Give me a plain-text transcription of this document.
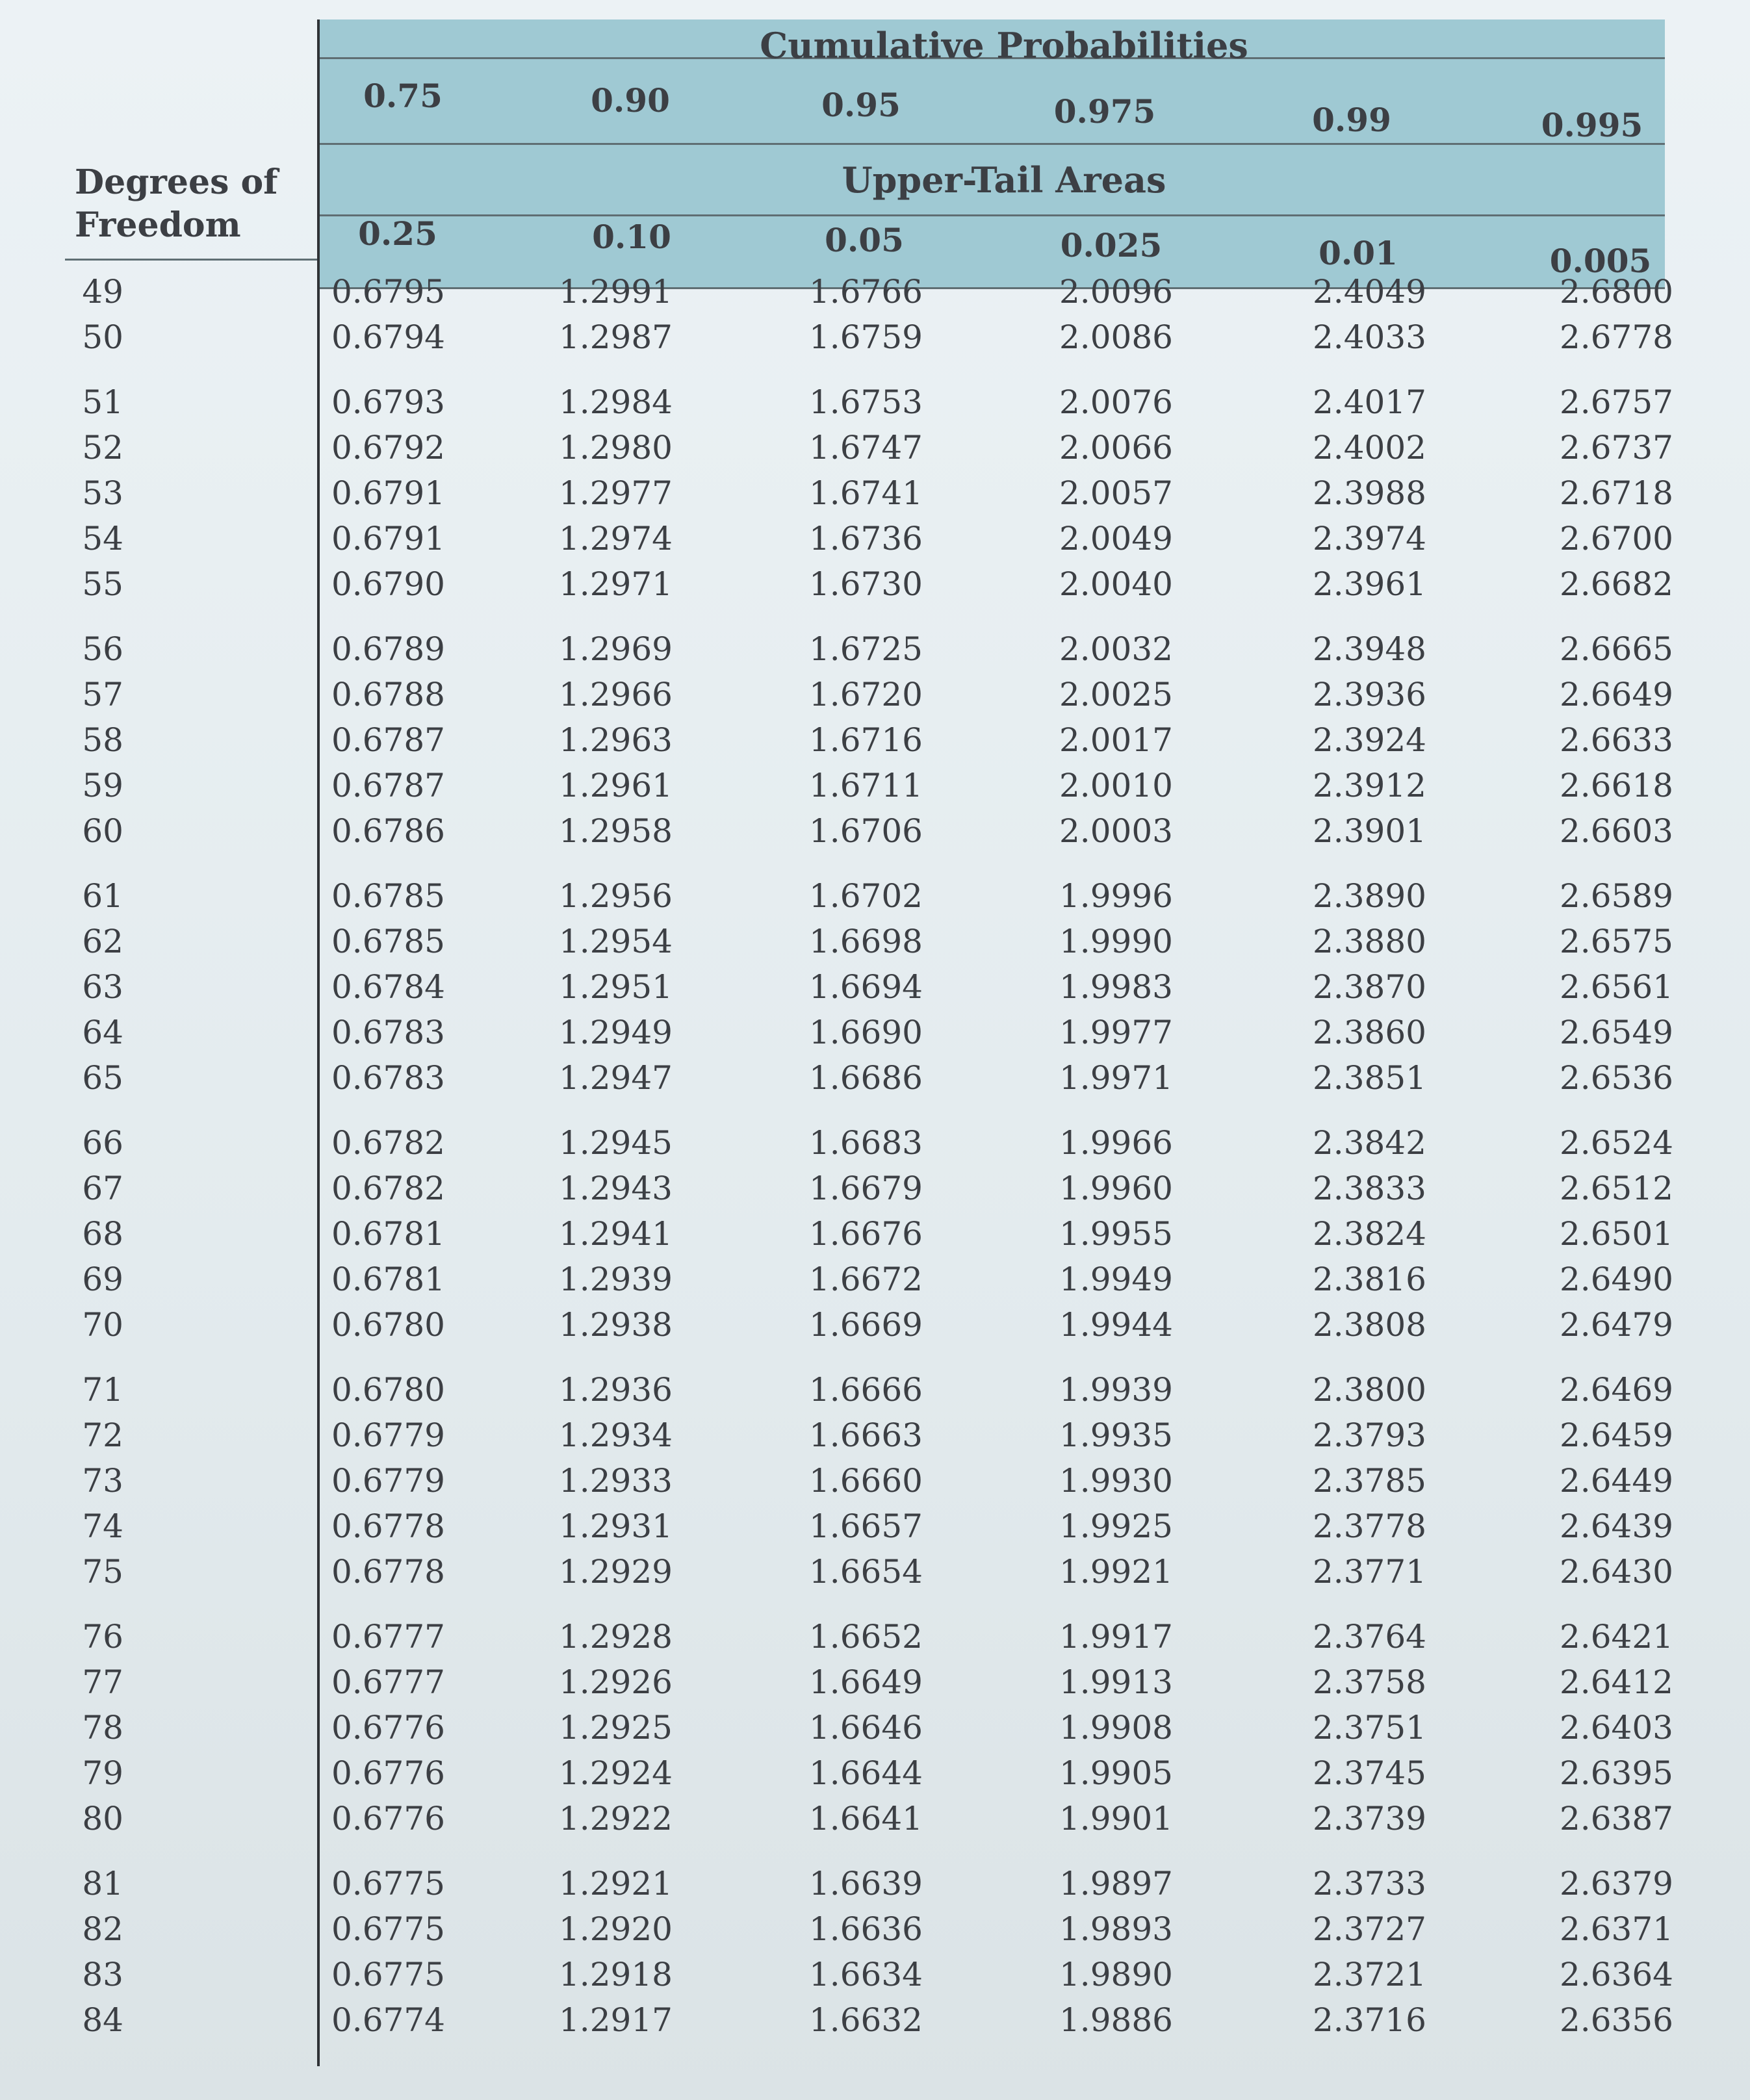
Cumulative Probabilities
0.75	0.90	0.95	0.975	0.99	0.995
Upper-Tail Areas
Degrees of
Freedom	0.25	0.10	0.05	0.025	0.01	0.005
49	0.6795	1.2991	1.6766	2.0096	2.4049	2.6800
50	0.6794	1.2987	1.6759	2.0086	2.4033	2.6778
51	0.6793	1.2984	1.6753	2.0076	2.4017	2.6757
52	0.6792	1.2980	1.6747	2.0066	2.4002	2.6737
53	0.6791	1.2977	1.6741	2.0057	2.3988	2.6718
54	0.6791	1.2974	1.6736	2.0049	2.3974	2.6700
55	0.6790	1.2971	1.6730	2.0040	2.3961	2.6682
56	0.6789	1.2969	1.6725	2.0032	2.3948	2.6665
57	0.6788	1.2966	1.6720	2.0025	2.3936	2.6649
58	0.6787	1.2963	1.6716	2.0017	2.3924	2.6633
59	0.6787	1.2961	1.6711	2.0010	2.3912	2.6618
60	0.6786	1.2958	1.6706	2.0003	2.3901	2.6603
61	0.6785	1.2956	1.6702	1.9996	2.3890	2.6589
62	0.6785	1.2954	1.6698	1.9990	2.3880	2.6575
63	0.6784	1.2951	1.6694	1.9983	2.3870	2.6561
64	0.6783	1.2949	1.6690	1.9977	2.3860	2.6549
65	0.6783	1.2947	1.6686	1.9971	2.3851	2.6536
66	0.6782	1.2945	1.6683	1.9966	2.3842	2.6524
67	0.6782	1.2943	1.6679	1.9960	2.3833	2.6512
68	0.6781	1.2941	1.6676	1.9955	2.3824	2.6501
69	0.6781	1.2939	1.6672	1.9949	2.3816	2.6490
70	0.6780	1.2938	1.6669	1.9944	2.3808	2.6479
71	0.6780	1.2936	1.6666	1.9939	2.3800	2.6469
72	0.6779	1.2934	1.6663	1.9935	2.3793	2.6459
73	0.6779	1.2933	1.6660	1.9930	2.3785	2.6449
74	0.6778	1.2931	1.6657	1.9925	2.3778	2.6439
75	0.6778	1.2929	1.6654	1.9921	2.3771	2.6430
76	0.6777	1.2928	1.6652	1.9917	2.3764	2.6421
77	0.6777	1.2926	1.6649	1.9913	2.3758	2.6412
78	0.6776	1.2925	1.6646	1.9908	2.3751	2.6403
79	0.6776	1.2924	1.6644	1.9905	2.3745	2.6395
80	0.6776	1.2922	1.6641	1.9901	2.3739	2.6387
81	0.6775	1.2921	1.6639	1.9897	2.3733	2.6379
82	0.6775	1.2920	1.6636	1.9893	2.3727	2.6371
83	0.6775	1.2918	1.6634	1.9890	2.3721	2.6364
84	0.6774	1.2917	1.6632	1.9886	2.3716	2.6356
